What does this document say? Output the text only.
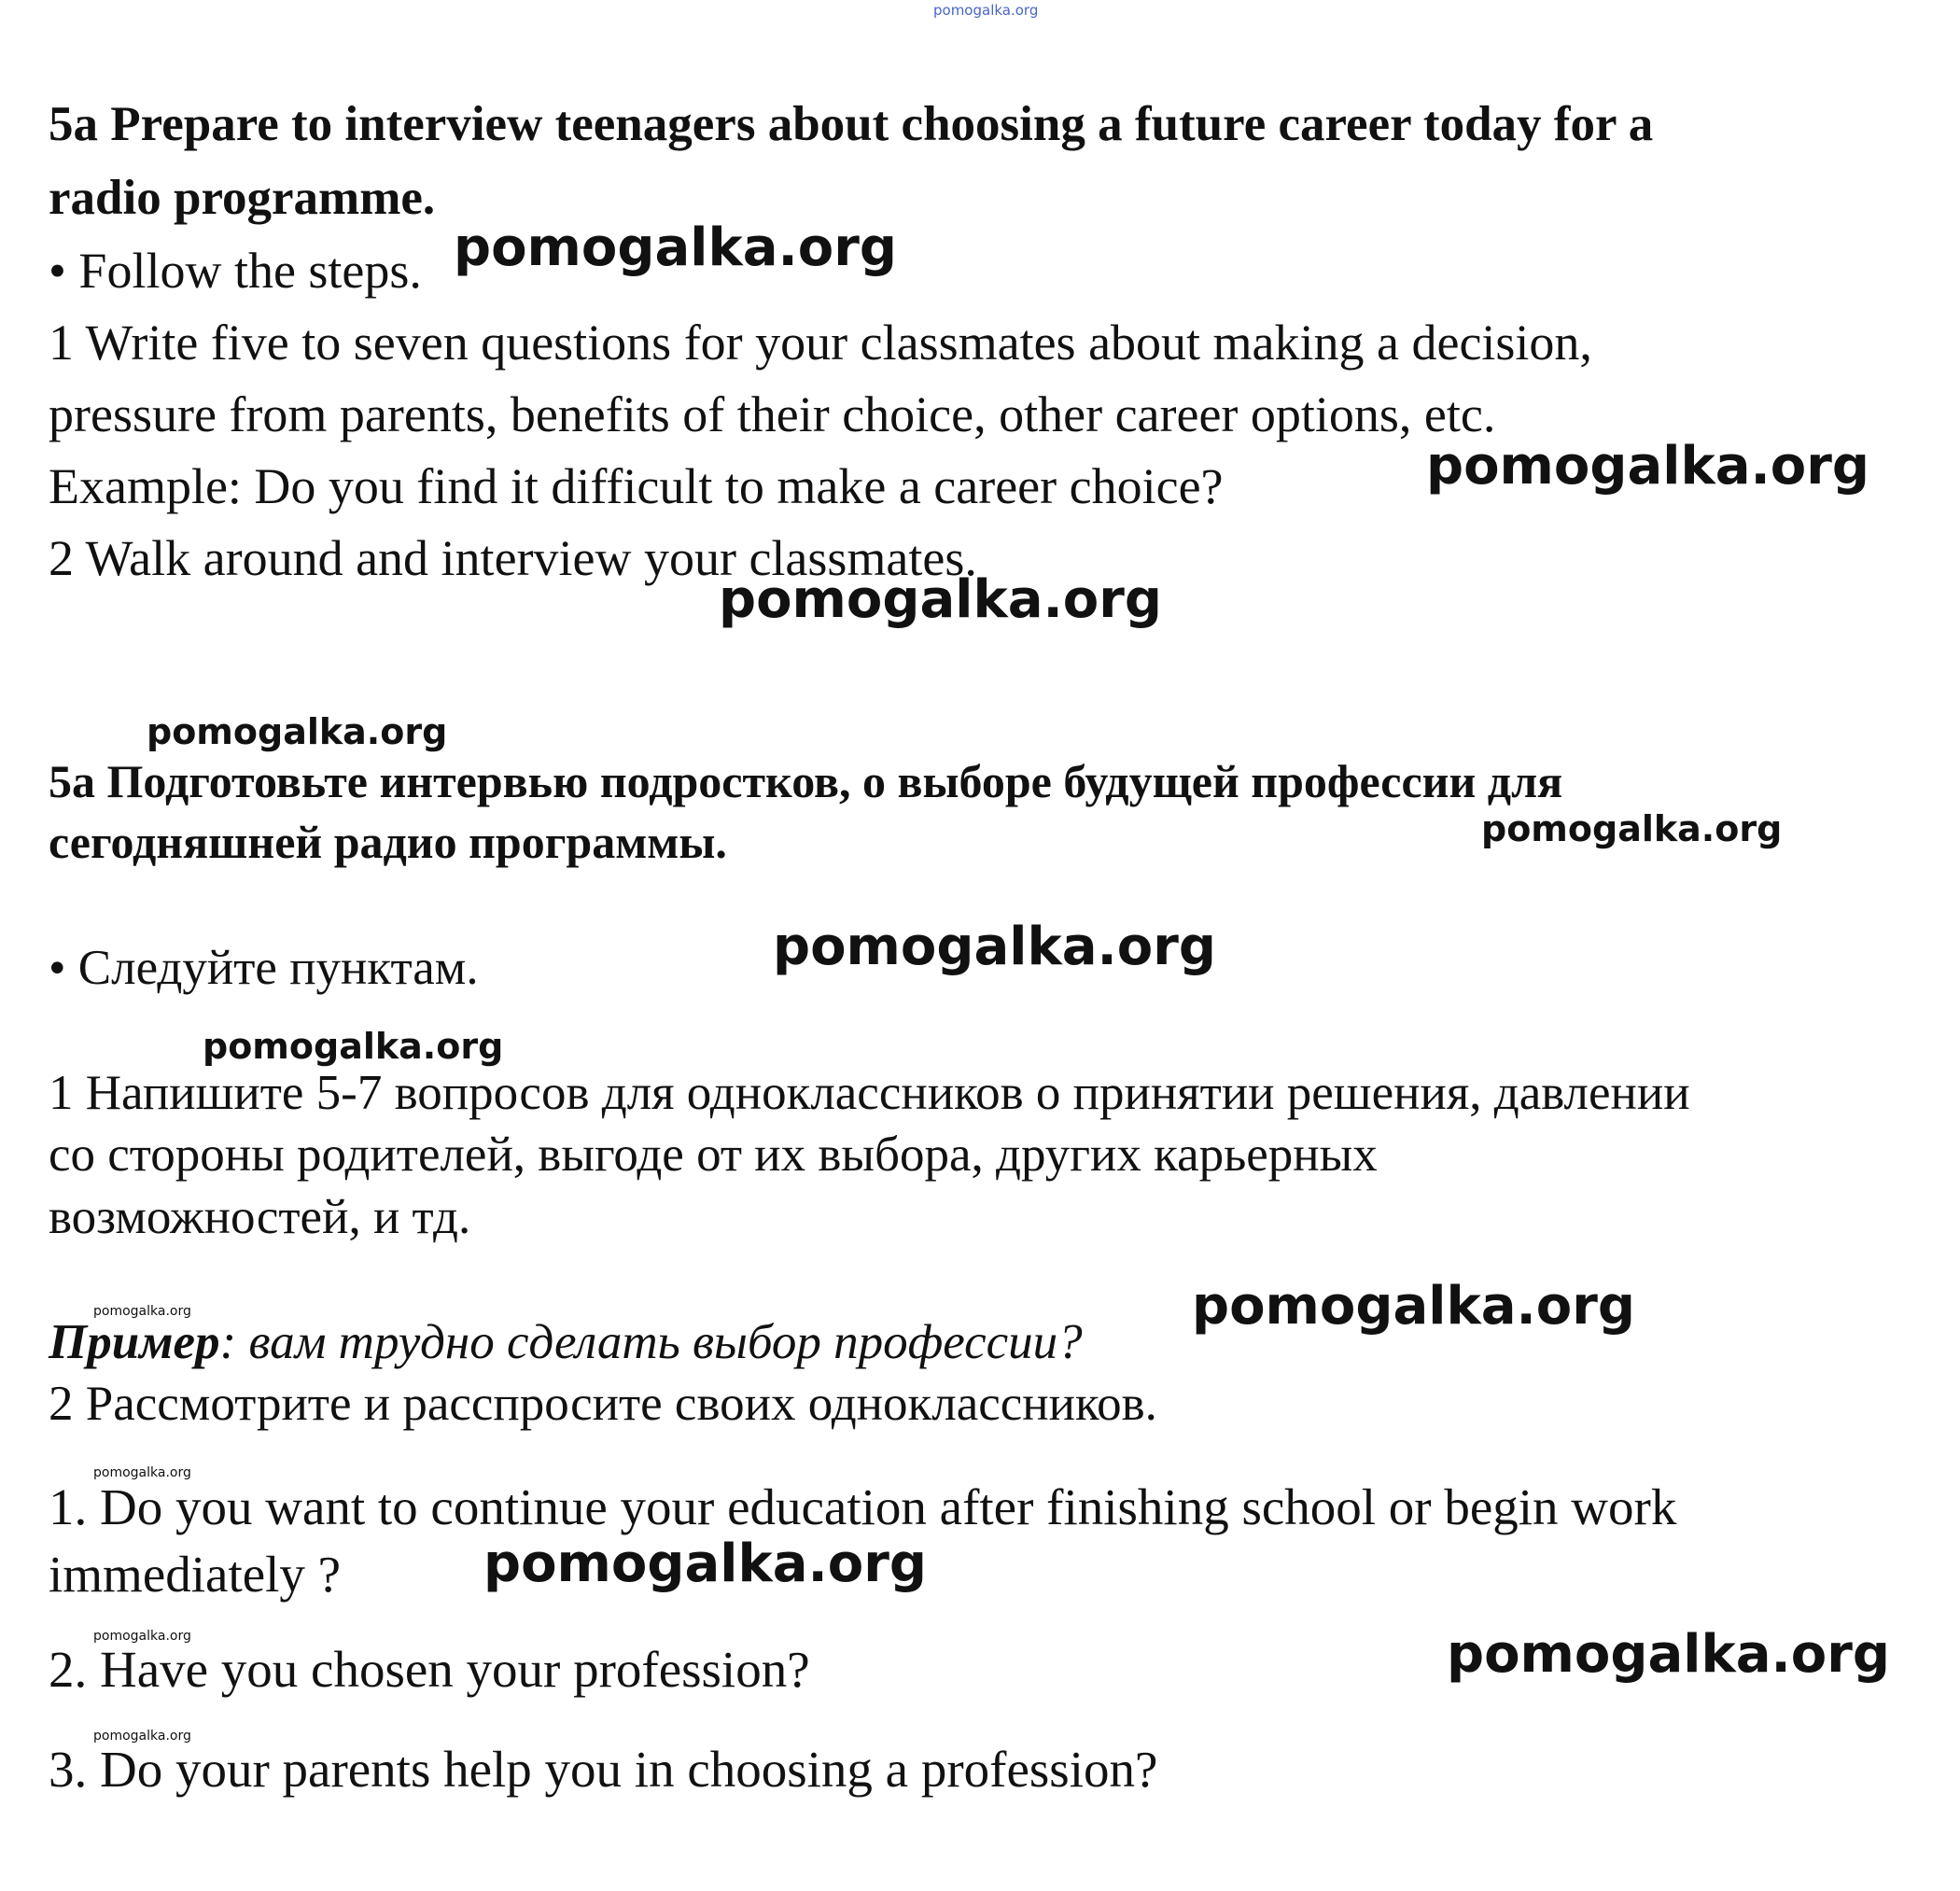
pomogalka.org
5a Prepare to interview teenagers about choosing a future career today for a
radio programme.
• Follow the steps.
1 Write five to seven questions for your classmates about making a decision,
pressure from parents, benefits of their choice, other career options, etc.
Example: Do you find it difficult to make a career choice?
2 Walk around and interview your classmates.
5a Подготовьте интервью подростков, о выборе будущей профессии для
сегодняшней радио программы.
• Следуйте пунктам.
1 Напишите 5-7 вопросов для одноклассников о принятии решения, давлении
со стороны родителей, выгоде от их выбора, других карьерных
возможностей, и тд.
Пример: вам трудно сделать выбор профессии?
2 Рассмотрите и расспросите своих одноклассников.
1. Do you want to continue your education after finishing school or begin work
immediately ?
2. Have you chosen your profession?
3. Do your parents help you in choosing a profession?
pomogalka.org
pomogalka.org
pomogalka.org
pomogalka.org
pomogalka.org
pomogalka.org
pomogalka.org
pomogalka.org	pomogalka.org
pomogalka.org
pomogalka.org
pomogalka.org	pomogalka.org
pomogalka.org
